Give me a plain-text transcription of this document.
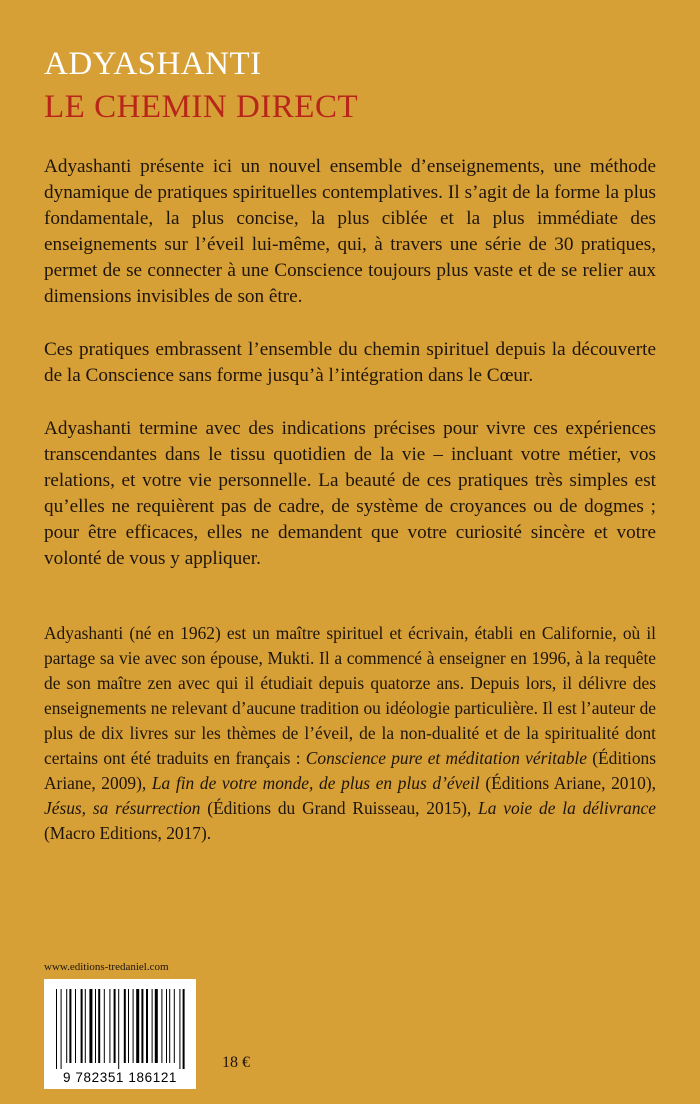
ADYASHANTI
LE CHEMIN DIRECT

Adyashanti présente ici un nouvel ensemble d’enseignements, une méthode dynamique de pratiques spirituelles contemplatives. Il s’agit de la forme la plus fondamentale, la plus concise, la plus ciblée et la plus immédiate des enseignements sur l’éveil lui-même, qui, à travers une série de 30 pratiques, permet de se connecter à une Conscience toujours plus vaste et de se relier aux dimensions invisibles de son être.

Ces pratiques embrassent l’ensemble du chemin spirituel depuis la découverte de la Conscience sans forme jusqu’à l’intégration dans le Cœur.

Adyashanti termine avec des indications précises pour vivre ces expériences transcendantes dans le tissu quotidien de la vie – incluant votre métier, vos relations, et votre vie personnelle. La beauté de ces pratiques très simples est qu’elles ne requièrent pas de cadre, de système de croyances ou de dogmes ; pour être efficaces, elles ne demandent que votre curiosité sincère et votre volonté de vous y appliquer.

Adyashanti (né en 1962) est un maître spirituel et écrivain, établi en Californie, où il partage sa vie avec son épouse, Mukti. Il a commencé à enseigner en 1996, à la requête de son maître zen avec qui il étudiait depuis quatorze ans. Depuis lors, il délivre des enseignements ne relevant d’aucune tradition ou idéologie particulière. Il est l’auteur de plus de dix livres sur les thèmes de l’éveil, de la non-dualité et de la spiritualité dont certains ont été traduits en français : Conscience pure et méditation véritable (Éditions Ariane, 2009), La fin de votre monde, de plus en plus d’éveil (Éditions Ariane, 2010), Jésus, sa résurrection (Éditions du Grand Ruisseau, 2015), La voie de la délivrance (Macro Editions, 2017).

www.editions-tredaniel.com
9 782351 186121
18 €
